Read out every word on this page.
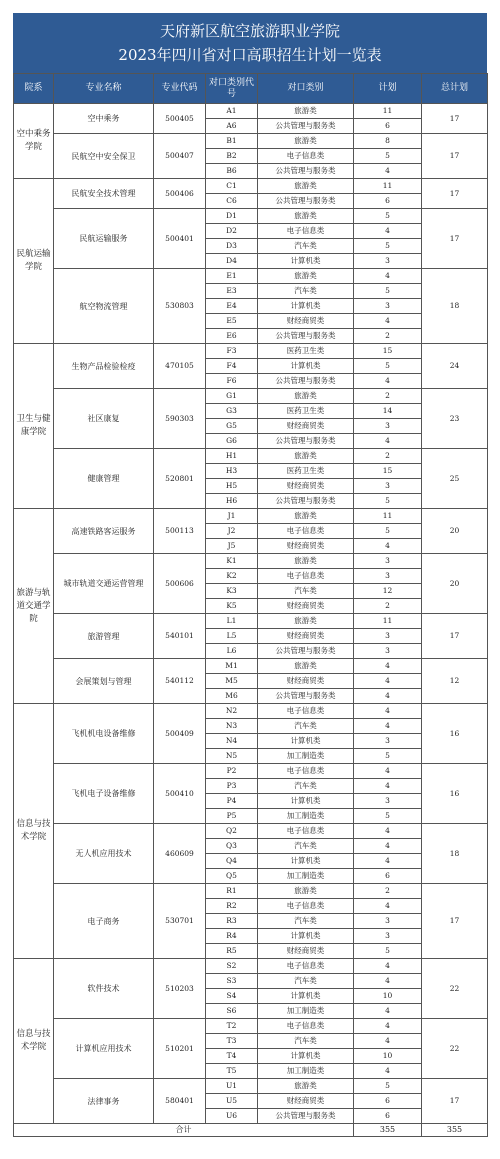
天府新区航空旅游职业学院
2023年四川省对口高职招生计划一览表
院系	专业名称	专业代码	对口类别代号	对口类别	计划	总计划
空中乘务学院	空中乘务	500405	A1	旅游类	11	17
			A6	公共管理与服务类	6	
	民航空中安全保卫	500407	B1	旅游类	8	17
			B2	电子信息类	5	
			B6	公共管理与服务类	4	
民航运输学院	民航安全技术管理	500406	C1	旅游类	11	17
			C6	公共管理与服务类	6	
	民航运输服务	500401	D1	旅游类	5	17
			D2	电子信息类	4	
			D3	汽车类	5	
			D4	计算机类	3	
	航空物流管理	530803	E1	旅游类	4	18
			E3	汽车类	5	
			E4	计算机类	3	
			E5	财经商贸类	4	
			E6	公共管理与服务类	2	
卫生与健康学院	生物产品检验检疫	470105	F3	医药卫生类	15	24
			F4	计算机类	5	
			F6	公共管理与服务类	4	
	社区康复	590303	G1	旅游类	2	23
			G3	医药卫生类	14	
			G5	财经商贸类	3	
			G6	公共管理与服务类	4	
	健康管理	520801	H1	旅游类	2	25
			H3	医药卫生类	15	
			H5	财经商贸类	3	
			H6	公共管理与服务类	5	
旅游与轨道交通学院	高速铁路客运服务	500113	J1	旅游类	11	20
			J2	电子信息类	5	
			J5	财经商贸类	4	
	城市轨道交通运营管理	500606	K1	旅游类	3	20
			K2	电子信息类	3	
			K3	汽车类	12	
			K5	财经商贸类	2	
	旅游管理	540101	L1	旅游类	11	17
			L5	财经商贸类	3	
			L6	公共管理与服务类	3	
	会展策划与管理	540112	M1	旅游类	4	12
			M5	财经商贸类	4	
			M6	公共管理与服务类	4	
信息与技术学院	飞机机电设备维修	500409	N2	电子信息类	4	16
			N3	汽车类	4	
			N4	计算机类	3	
			N5	加工制造类	5	
	飞机电子设备维修	500410	P2	电子信息类	4	16
			P3	汽车类	4	
			P4	计算机类	3	
			P5	加工制造类	5	
	无人机应用技术	460609	Q2	电子信息类	4	18
			Q3	汽车类	4	
			Q4	计算机类	4	
			Q5	加工制造类	6	
	电子商务	530701	R1	旅游类	2	17
			R2	电子信息类	4	
			R3	汽车类	3	
			R4	计算机类	3	
			R5	财经商贸类	5	
信息与技术学院	软件技术	510203	S2	电子信息类	4	22
			S3	汽车类	4	
			S4	计算机类	10	
			S6	加工制造类	4	
	计算机应用技术	510201	T2	电子信息类	4	22
			T3	汽车类	4	
			T4	计算机类	10	
			T5	加工制造类	4	
	法律事务	580401	U1	旅游类	5	17
			U5	财经商贸类	6	
			U6	公共管理与服务类	6	
合计					355	355
